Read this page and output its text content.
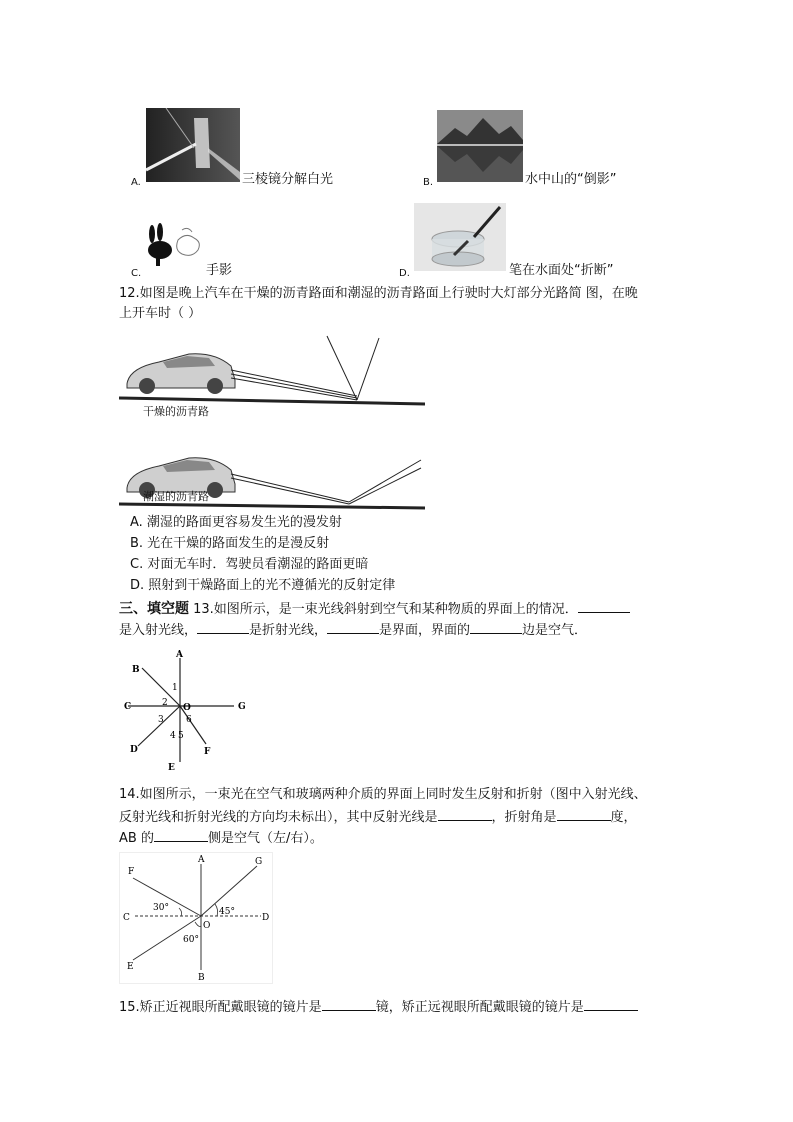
A.	三棱镜分解白光	B.	水中山的“倒影”
C.	手影	D.	笔在水面处“折断”
12.如图是晚上汽车在干燥的沥青路面和潮湿的沥青路面上行驶时大灯部分光路简 图，在晚
上开车时（ ）
干燥的沥青路
潮湿的沥青路
A. 潮湿的路面更容易发生光的漫发射
B. 光在干燥的路面发生的是漫反射
C. 对面无车时．驾驶员看潮湿的路面更暗
D. 照射到干燥路面上的光不遵循光的反射定律
三、填空题 13.如图所示，是一束光线斜射到空气和某种物质的界面上的情况．
是入射光线，	是折射光线，	是界面，界面的	边是空气．
A
B
C	O	G
D
E
F
1
2
3
4 5
6
14.如图所示，一束光在空气和玻璃两种介质的界面上同时发生反射和折射（图中入射光线、
反射光线和折射光线的方向均未标出），其中反射光线是	，折射角是	度，
AB 的	侧是空气（左/右）。
A
B
C	D
E
F
G
O
30°	45°
60°
15.矫正近视眼所配戴眼镜的镜片是	镜，矫正远视眼所配戴眼镜的镜片是
